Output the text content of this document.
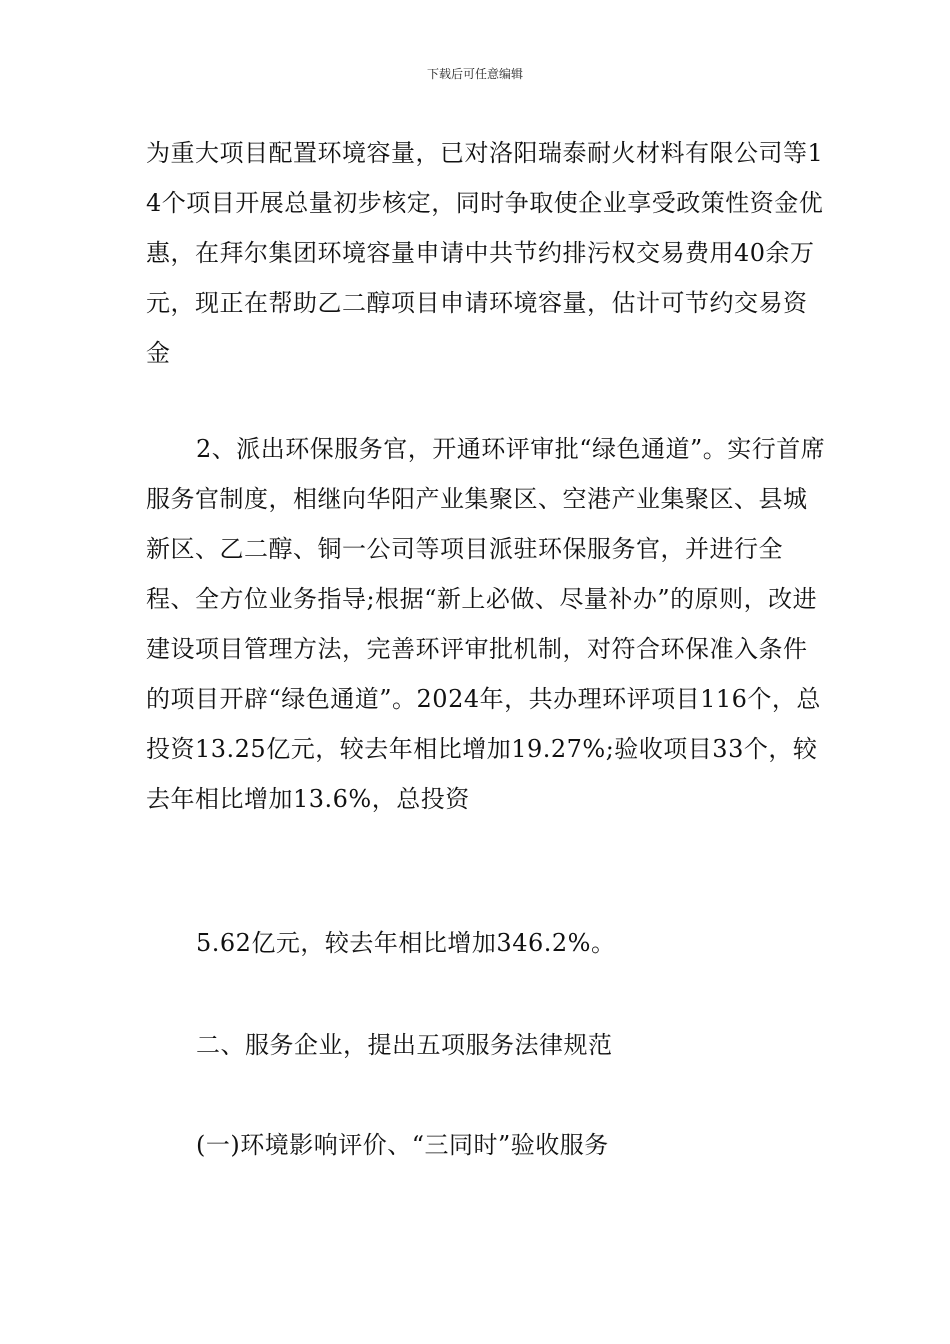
下载后可任意编辑

为重大项目配置环境容量，已对洛阳瑞泰耐火材料有限公司等14个项目开展总量初步核定，同时争取使企业享受政策性资金优惠，在拜尔集团环境容量申请中共节约排污权交易费用40余万元，现正在帮助乙二醇项目申请环境容量，估计可节约交易资金

2、派出环保服务官，开通环评审批“绿色通道”。实行首席服务官制度，相继向华阳产业集聚区、空港产业集聚区、县城新区、乙二醇、铜一公司等项目派驻环保服务官，并进行全程、全方位业务指导;根据“新上必做、尽量补办”的原则，改进建设项目管理方法，完善环评审批机制，对符合环保准入条件的项目开辟“绿色通道”。2024年，共办理环评项目116个，总投资13.25亿元，较去年相比增加19.27%;验收项目33个，较去年相比增加13.6%，总投资

5.62亿元，较去年相比增加346.2%。

二、服务企业，提出五项服务法律规范

(一)环境影响评价、“三同时”验收服务
